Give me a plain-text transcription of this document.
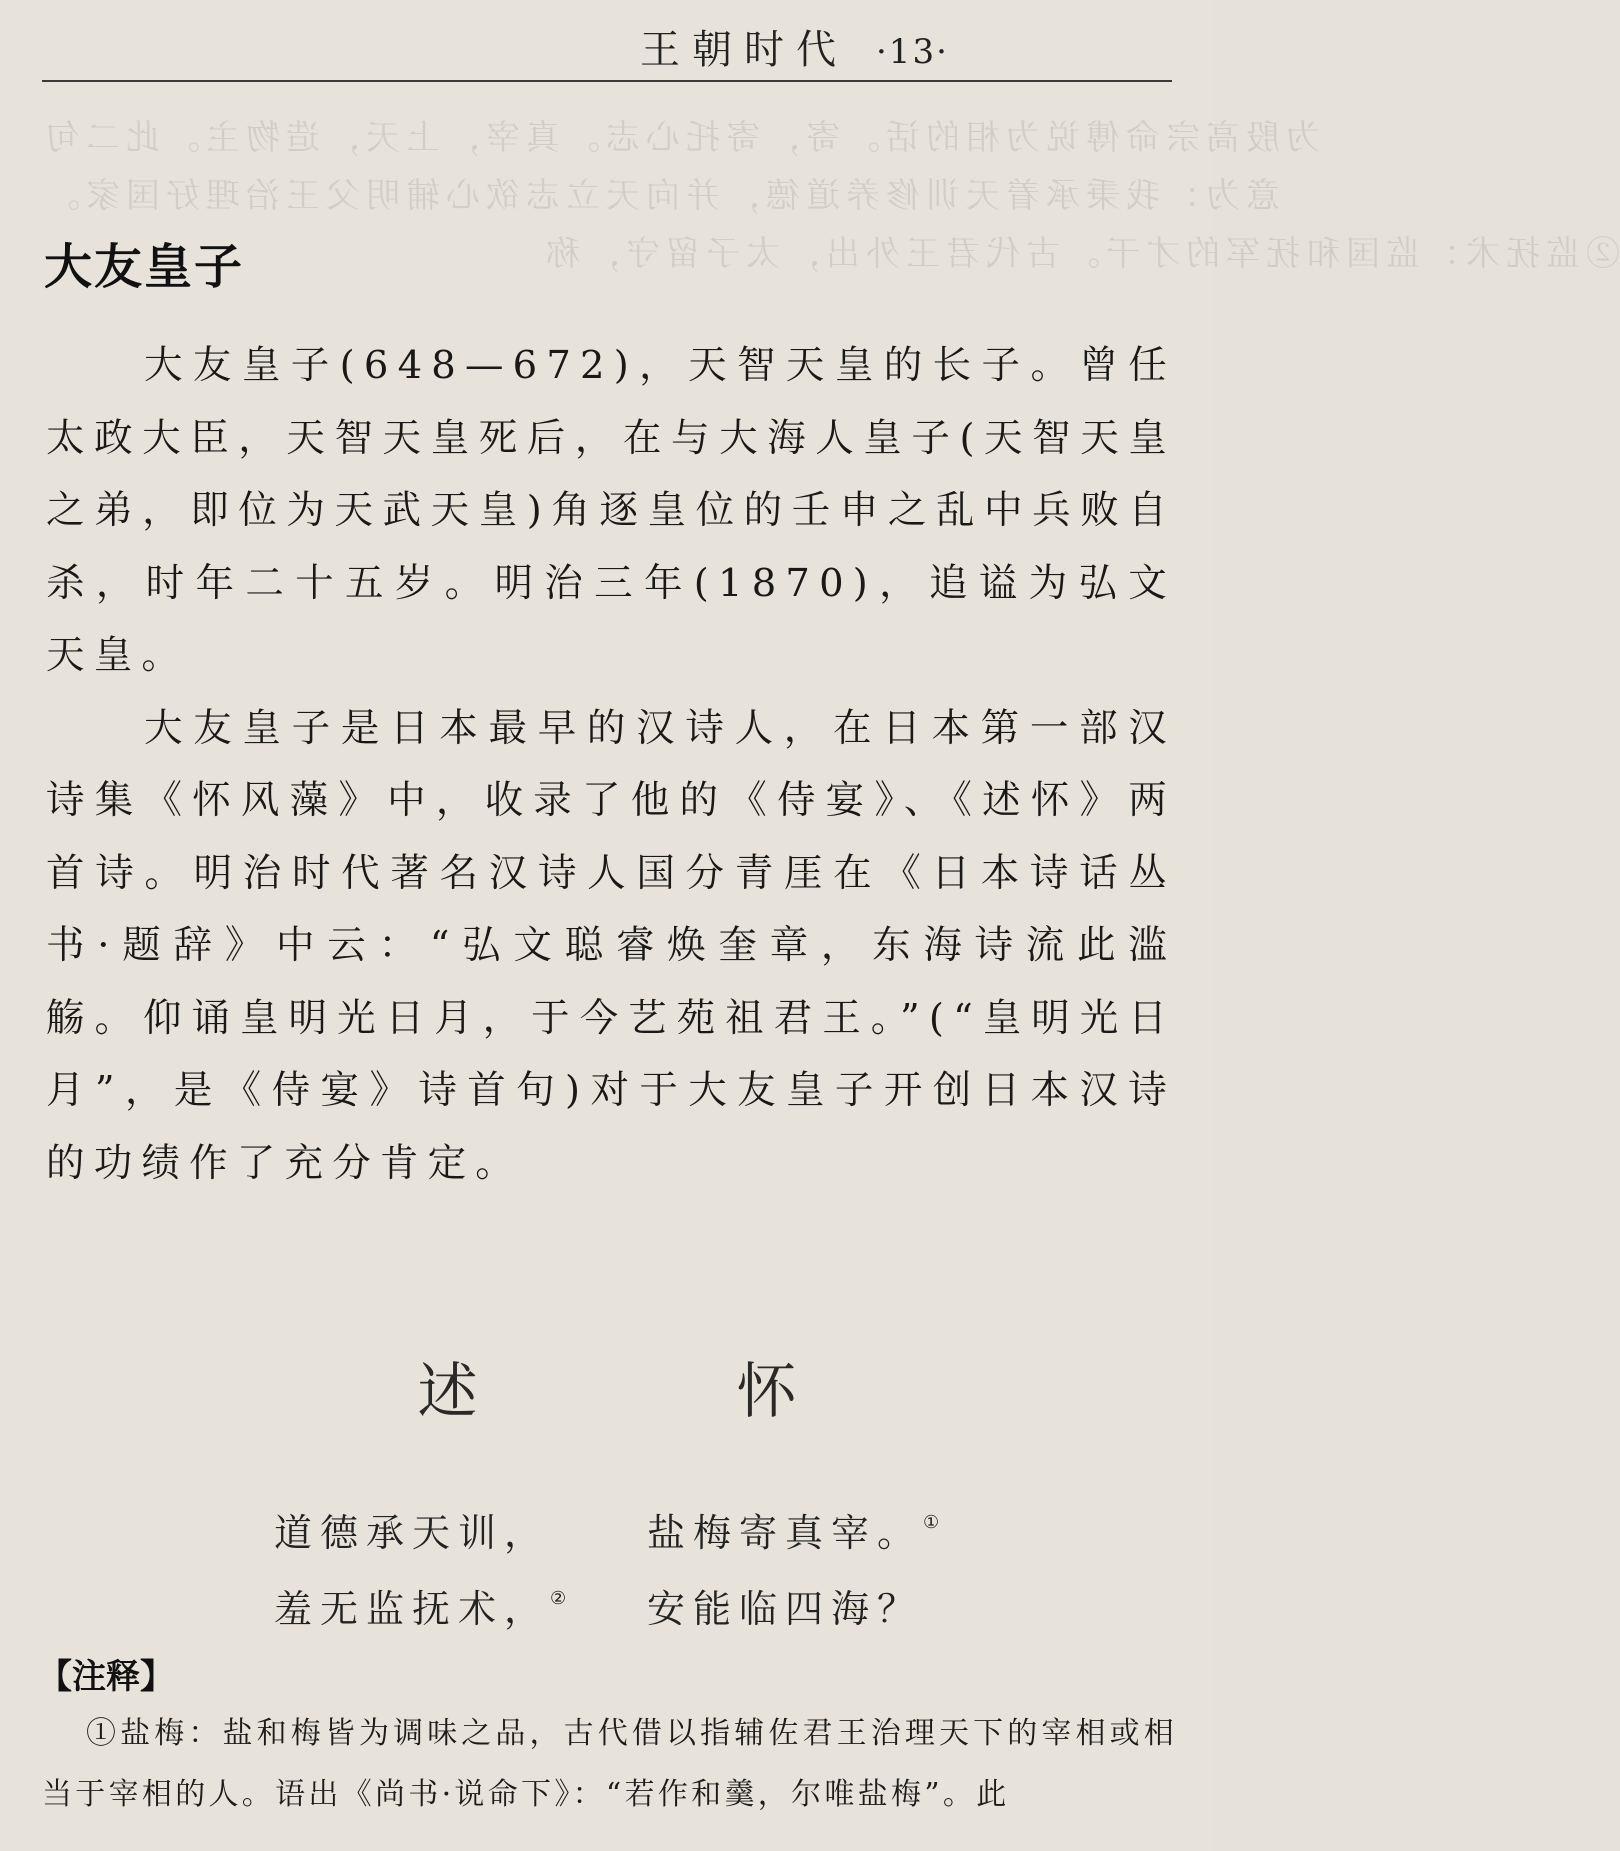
为殷高宗命傅说为相的话。寄，寄托心志。真宰，上天，造物主。此二句
意为：我秉承着天训修养道德，并向天立志欲心辅明父王治理好国家。
②监抚术：监国和抚军的才干。古代君王外出，太子留守，称
王朝时代 ·13·
大友皇子

大友皇子(648—672)，天智天皇的长子。曾任太政大臣，天智天皇死后，在与大海人皇子(天智天皇之弟，即位为天武天皇)角逐皇位的壬申之乱中兵败自杀，时年二十五岁。明治三年(1870)，追谥为弘文天皇。

大友皇子是日本最早的汉诗人，在日本第一部汉诗集《怀风藻》中，收录了他的《侍宴》、《述怀》两首诗。明治时代著名汉诗人国分青厓在《日本诗话丛书·题辞》中云：“弘文聪睿焕奎章，东海诗流此滥觞。仰诵皇明光日月，于今艺苑祖君王。”(“皇明光日月”，是《侍宴》诗首句)对于大友皇子开创日本汉诗的功绩作了充分肯定。

述 怀
道德承天训，	盐梅寄真宰。①
羞无监抚术，②	安能临四海？
【注释】

①盐梅：盐和梅皆为调味之品，古代借以指辅佐君王治理天下的宰相或相当于宰相的人。语出《尚书·说命下》：“若作和羹，尔唯盐梅”。此
